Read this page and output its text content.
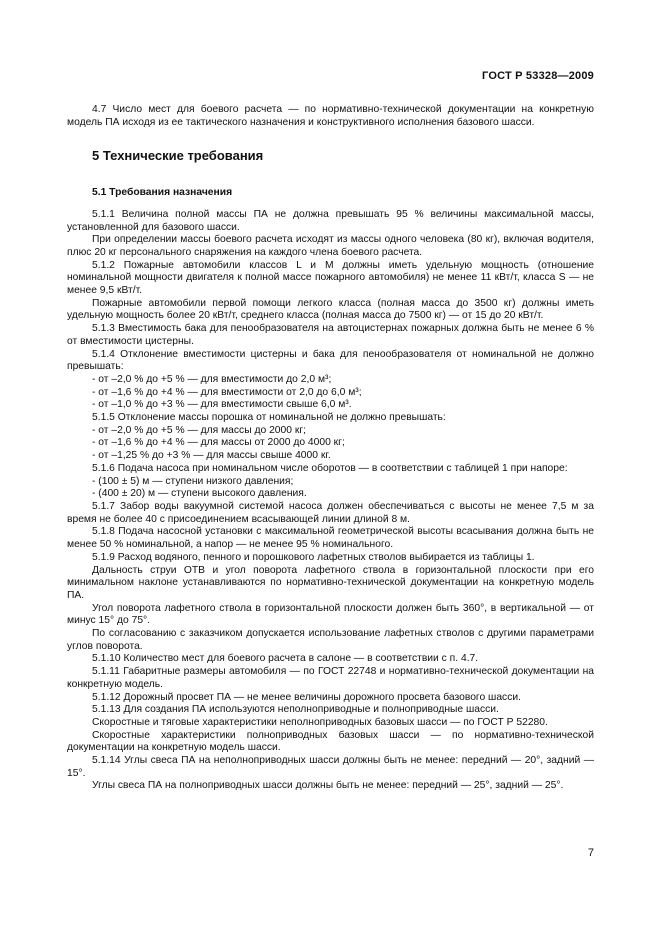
ГОСТ Р 53328—2009

4.7 Число мест для боевого расчета — по нормативно-технической документации на конкретную модель ПА исходя из ее тактического назначения и конструктивного исполнения базового шасси.

5 Технические требования

5.1 Требования назначения

5.1.1 Величина полной массы ПА не должна превышать 95 % величины максимальной массы, установленной для базового шасси.

При определении массы боевого расчета исходят из массы одного человека (80 кг), включая водителя, плюс 20 кг персонального снаряжения на каждого члена боевого расчета.

5.1.2 Пожарные автомобили классов L и М должны иметь удельную мощность (отношение номинальной мощности двигателя к полной массе пожарного автомобиля) не менее 11 кВт/т, класса S — не менее 9,5 кВт/т.

Пожарные автомобили первой помощи легкого класса (полная масса до 3500 кг) должны иметь удельную мощность более 20 кВт/т, среднего класса (полная масса до 7500 кг) — от 15 до 20 кВт/т.

5.1.3 Вместимость бака для пенообразователя на автоцистернах пожарных должна быть не менее 6 % от вместимости цистерны.

5.1.4 Отклонение вместимости цистерны и бака для пенообразователя от номинальной не должно превышать:

- от –2,0 % до +5 % — для вместимости до 2,0 м³;

- от –1,6 % до +4 % — для вместимости от 2,0 до 6,0 м³;

- от –1,0 % до +3 % — для вместимости свыше 6,0 м³.

5.1.5 Отклонение массы порошка от номинальной не должно превышать:

- от –2,0 % до +5 % — для массы до 2000 кг;

- от –1,6 % до +4 % — для массы от 2000 до 4000 кг;

- от –1,25 % до +3 % — для массы свыше 4000 кг.

5.1.6 Подача насоса при номинальном числе оборотов — в соответствии с таблицей 1 при напоре:

- (100 ± 5) м — ступени низкого давления;

- (400 ± 20) м — ступени высокого давления.

5.1.7 Забор воды вакуумной системой насоса должен обеспечиваться с высоты не менее 7,5 м за время не более 40 с присоединением всасывающей линии длиной 8 м.

5.1.8 Подача насосной установки с максимальной геометрической высоты всасывания должна быть не менее 50 % номинальной, а напор — не менее 95 % номинального.

5.1.9 Расход водяного, пенного и порошкового лафетных стволов выбирается из таблицы 1.

Дальность струи ОТВ и угол поворота лафетного ствола в горизонтальной плоскости при его минимальном наклоне устанавливаются по нормативно-технической документации на конкретную модель ПА.

Угол поворота лафетного ствола в горизонтальной плоскости должен быть 360°, в вертикальной — от минус 15° до 75°.

По согласованию с заказчиком допускается использование лафетных стволов с другими параметрами углов поворота.

5.1.10 Количество мест для боевого расчета в салоне — в соответствии с п. 4.7.

5.1.11 Габаритные размеры автомобиля — по ГОСТ 22748 и нормативно-технической документации на конкретную модель.

5.1.12 Дорожный просвет ПА — не менее величины дорожного просвета базового шасси.

5.1.13 Для создания ПА используются неполноприводные и полноприводные шасси.

Скоростные и тяговые характеристики неполноприводных базовых шасси — по ГОСТ Р 52280.

Скоростные характеристики полноприводных базовых шасси — по нормативно-технической документации на конкретную модель шасси.

5.1.14 Углы свеса ПА на неполноприводных шасси должны быть не менее: передний — 20°, задний — 15°.

Углы свеса ПА на полноприводных шасси должны быть не менее: передний — 25°, задний — 25°.

7
